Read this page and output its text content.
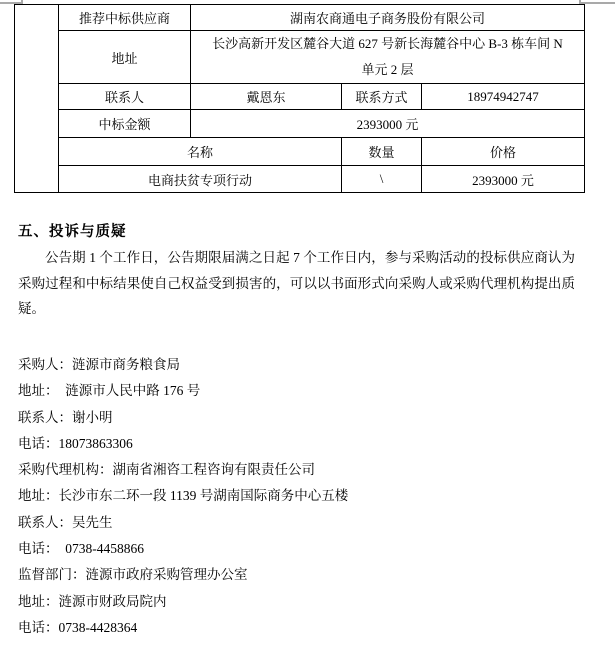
	推荐中标供应商	湖南农商通电子商务股份有限公司		
	地址	长沙高新开发区麓谷大道 627 号新长海麓谷中心 B-3 栋车间 N
单元 2 层		

	联系人	戴恩东	联系方式	18974942747
	中标金额	2393000 元		
	名称		数量	价格
	电商扶贫专项行动		\	2393000 元
五、投诉与质疑
公告期 1 个工作日，公告期限届满之日起 7 个工作日内，参与采购活动的投标供应商认为采购过程和中标结果使自己权益受到损害的，可以以书面形式向采购人或采购代理机构提出质疑。
采购人：涟源市商务粮食局
地址：  涟源市人民中路 176 号
联系人：谢小明
电话：18073863306
采购代理机构：湖南省湘咨工程咨询有限责任公司
地址：长沙市东二环一段 1139 号湖南国际商务中心五楼
联系人：吴先生
电话：  0738-4458866
监督部门：涟源市政府采购管理办公室
地址：涟源市财政局院内
电话：0738-4428364
